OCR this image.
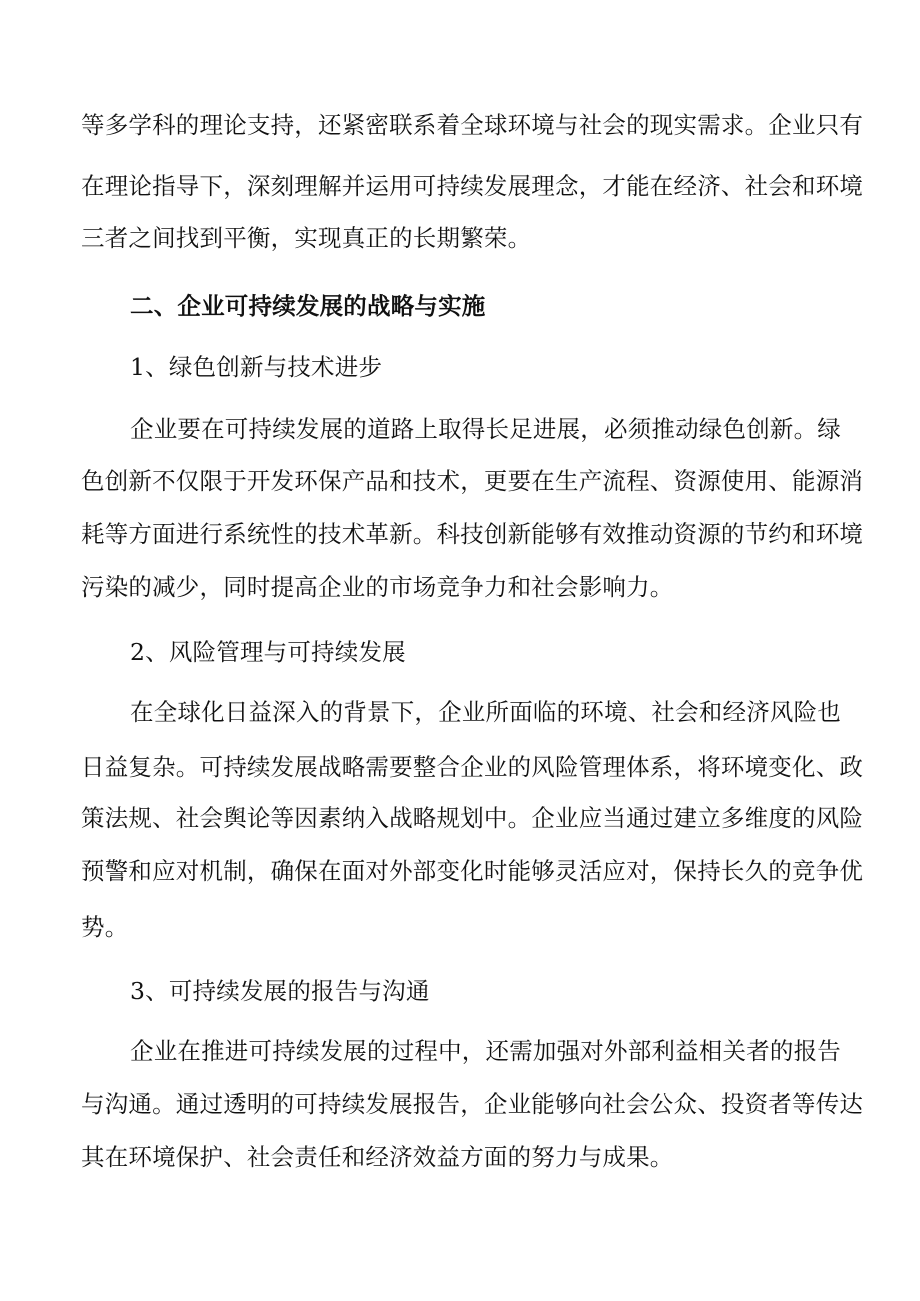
等多学科的理论支持，还紧密联系着全球环境与社会的现实需求。企业只有
在理论指导下，深刻理解并运用可持续发展理念，才能在经济、社会和环境
三者之间找到平衡，实现真正的长期繁荣。
二、企业可持续发展的战略与实施
1、绿色创新与技术进步
企业要在可持续发展的道路上取得长足进展，必须推动绿色创新。绿
色创新不仅限于开发环保产品和技术，更要在生产流程、资源使用、能源消
耗等方面进行系统性的技术革新。科技创新能够有效推动资源的节约和环境
污染的减少，同时提高企业的市场竞争力和社会影响力。
2、风险管理与可持续发展
在全球化日益深入的背景下，企业所面临的环境、社会和经济风险也
日益复杂。可持续发展战略需要整合企业的风险管理体系，将环境变化、政
策法规、社会舆论等因素纳入战略规划中。企业应当通过建立多维度的风险
预警和应对机制，确保在面对外部变化时能够灵活应对，保持长久的竞争优
势。
3、可持续发展的报告与沟通
企业在推进可持续发展的过程中，还需加强对外部利益相关者的报告
与沟通。通过透明的可持续发展报告，企业能够向社会公众、投资者等传达
其在环境保护、社会责任和经济效益方面的努力与成果。
